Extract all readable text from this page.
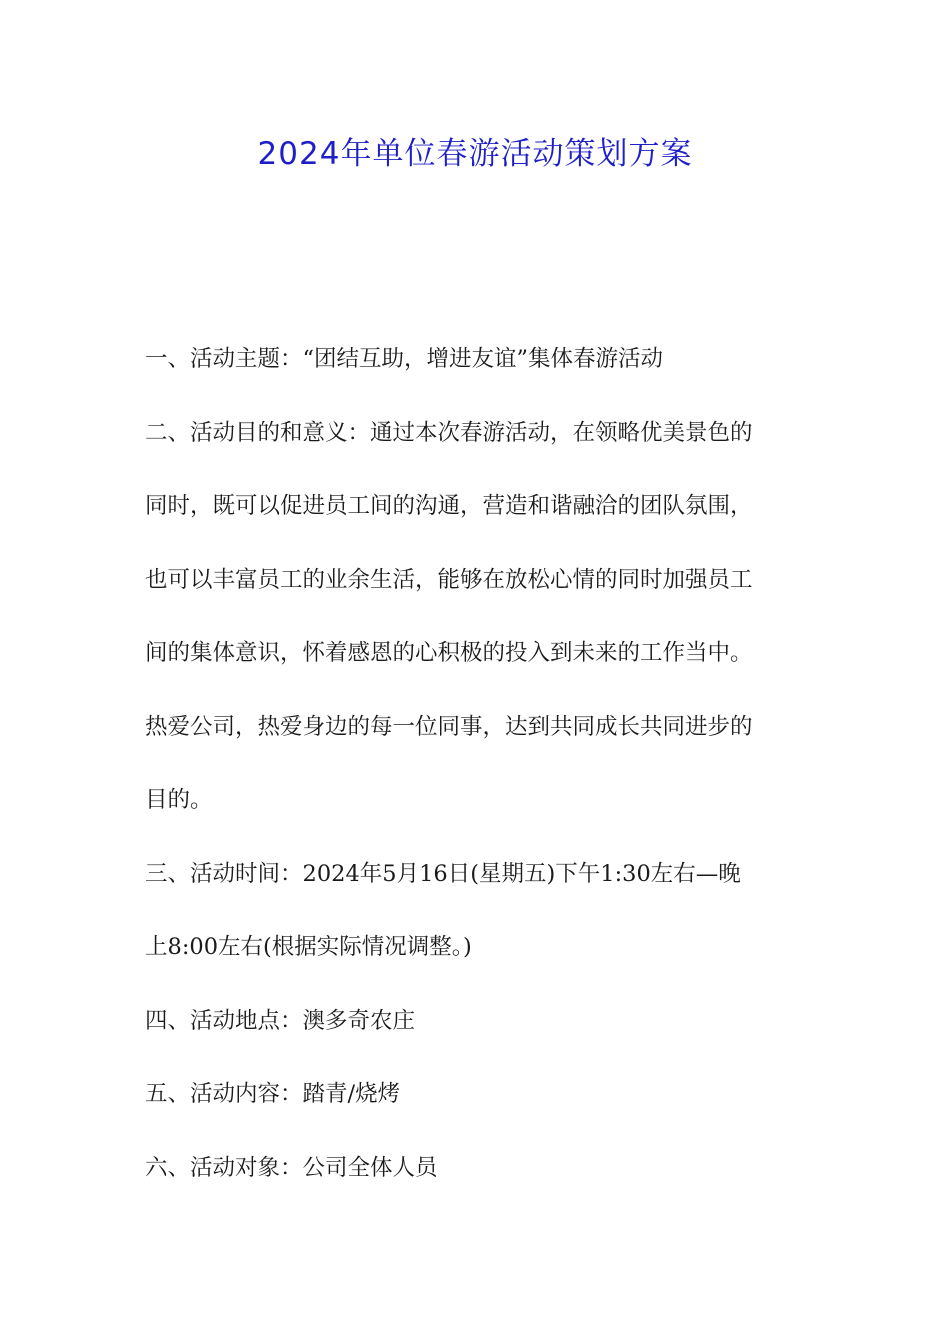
2024年单位春游活动策划方案
一、活动主题：“团结互助，增进友谊”集体春游活动
二、活动目的和意义：通过本次春游活动，在领略优美景色的
同时，既可以促进员工间的沟通，营造和谐融洽的团队氛围，
也可以丰富员工的业余生活，能够在放松心情的同时加强员工
间的集体意识，怀着感恩的心积极的投入到未来的工作当中。
热爱公司，热爱身边的每一位同事，达到共同成长共同进步的
目的。
三、活动时间：2024年5月16日(星期五)下午1:30左右—晚
上8:00左右(根据实际情况调整。)
四、活动地点：澳多奇农庄
五、活动内容：踏青/烧烤
六、活动对象：公司全体人员
